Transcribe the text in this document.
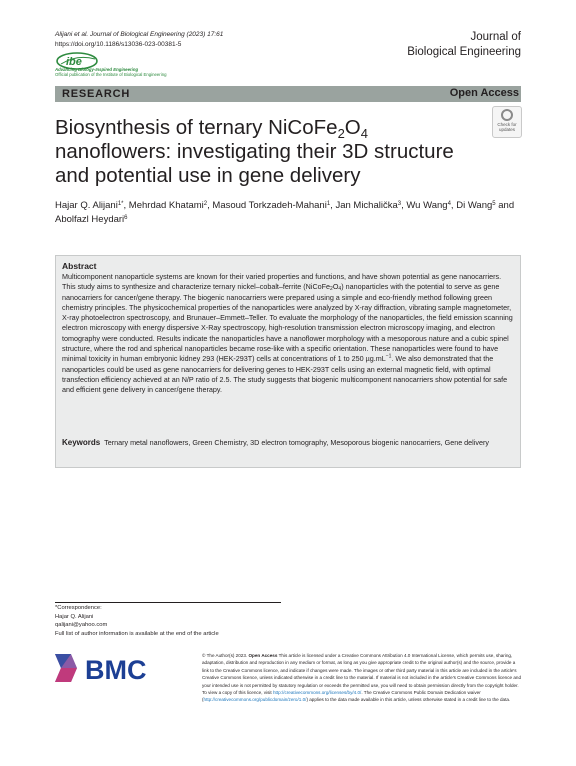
Alijani et al. Journal of Biological Engineering (2023) 17:61
https://doi.org/10.1186/s13036-023-00381-5
Journal of
Biological Engineering
ibe
Advancing Biology-Inspired Engineering
Official publication of the Institute of Biological Engineering
RESEARCH	Open Access
Check for
updates
Biosynthesis of ternary $NiCoFe_2O_4$
nanoflowers: investigating their 3D structure
and potential use in gene delivery
Hajar Q. Alijani$^{1*}$, Mehrdad Khatami$^2$, Masoud Torkzadeh-Mahani$^1$, Jan Michalička$^3$, Wu Wang$^4$, Di Wang$^5$ and Abolfazl Heydari$^6$
Abstract
Multicomponent nanoparticle systems are known for their varied properties and functions, and have shown potential as gene nanocarriers. This study aims to synthesize and characterize ternary nickel–cobalt–ferrite $(NiCoFe_2O_4)$ nanoparticles with the potential to serve as gene nanocarriers for cancer/gene therapy. The biogenic nanocarriers were prepared using a simple and eco-friendly method following green chemistry principles. The physicochemical properties of the nanoparticles were analyzed by X-ray diffraction, vibrating sample magnetometer, X-ray photoelectron spectroscopy, and Brunauer–Emmett–Teller. To evaluate the morphology of the nanoparticles, the field emission scanning electron microscopy with energy dispersive X-Ray spectroscopy, high-resolution transmission electron microscopy imaging, and electron tomography were conducted. Results indicate the nanoparticles have a nanoflower morphology with a mesoporous nature and a cubic spinel structure, where the rod and spherical nanoparticles became rose-like with a specific orientation. These nanoparticles were found to have minimal toxicity in human embryonic kidney 293 (HEK-293T) cells at concentrations of 1 to 250 $\mu g.mL^{-1}$. We also demonstrated that the nanoparticles could be used as gene nanocarriers for delivering genes to HEK-293T cells using an external magnetic field, with optimal transfection efficiency achieved at an N/P ratio of 2.5. The study suggests that biogenic multicomponent nanocarriers show potential for safe and efficient gene delivery in cancer/gene therapy.
Keywords Ternary metal nanoflowers, Green Chemistry, 3D electron tomography, Mesoporous biogenic nanocarriers, Gene delivery
*Correspondence:
Hajar Q. Alijani
qalijani@yahoo.com
Full list of author information is available at the end of the article
BMC	© The Author(s) 2023. Open Access This article is licensed under a Creative Commons Attribution 4.0 International License, which permits use, sharing, adaptation, distribution and reproduction in any medium or format, as long as you give appropriate credit to the original author(s) and the source, provide a link to the Creative Commons licence, and indicate if changes were made. The images or other third party material in this article are included in the article's Creative Commons licence, unless indicated otherwise in a credit line to the material. If material is not included in the article's Creative Commons licence and your intended use is not permitted by statutory regulation or exceeds the permitted use, you will need to obtain permission directly from the copyright holder. To view a copy of this licence, visit http://creativecommons.org/licenses/by/4.0/. The Creative Commons Public Domain Dedication waiver (http://creativecommons.org/publicdomain/zero/1.0/) applies to the data made available in this article, unless otherwise stated in a credit line to the data.
